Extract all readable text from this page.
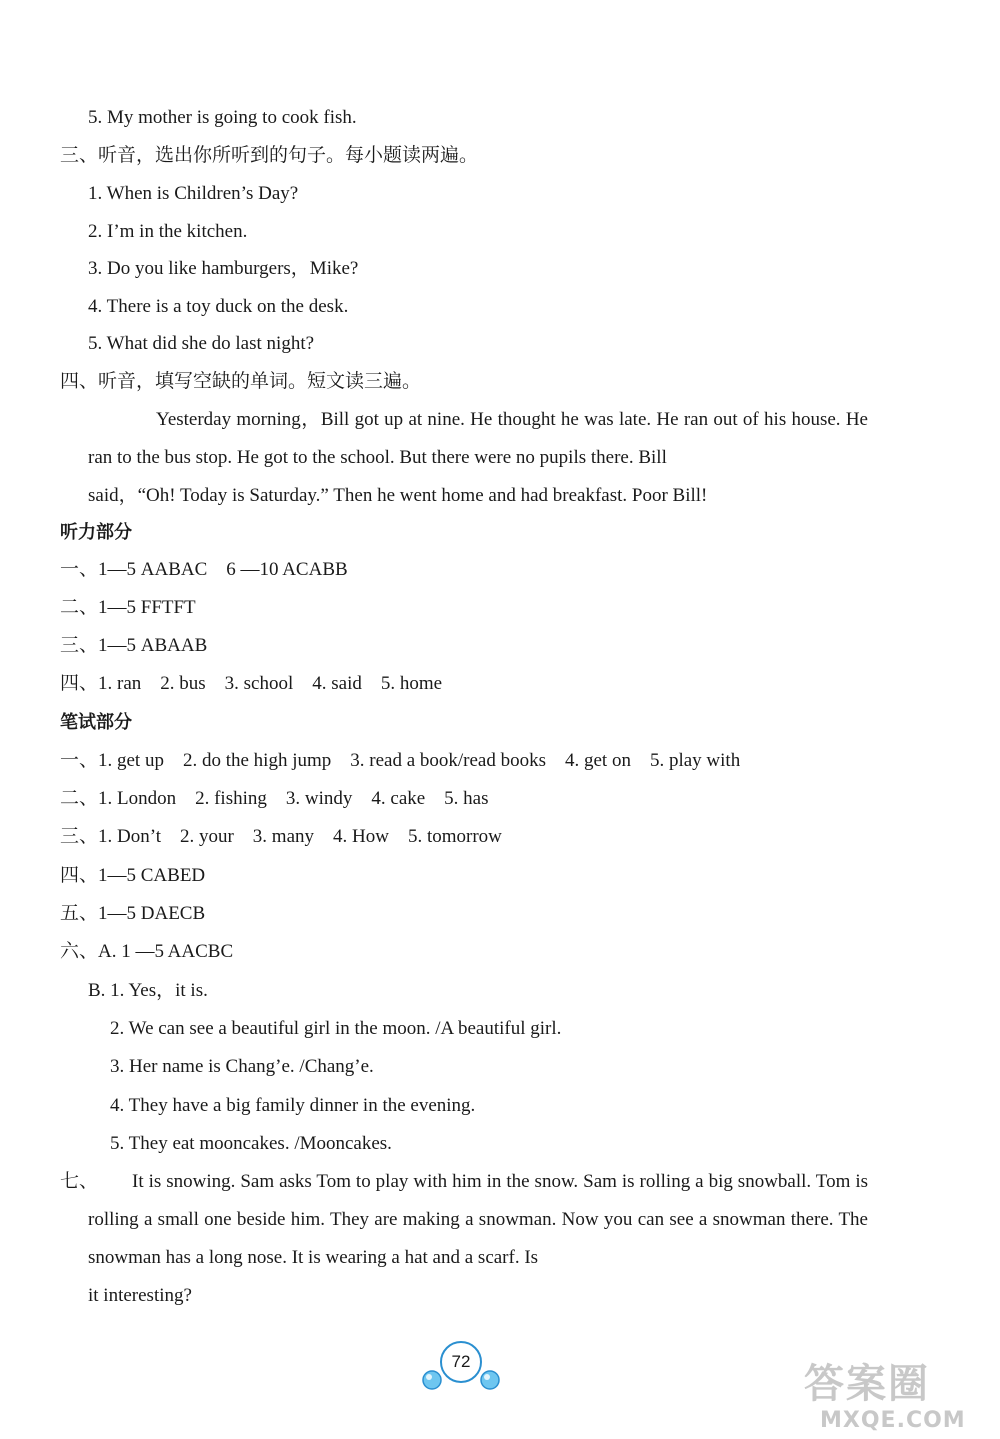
5. My mother is going to cook fish.
三、听音，选出你所听到的句子。每小题读两遍。
1. When is Children’s Day?
2. I’m in the kitchen.
3. Do you like hamburgers，Mike?
4. There is a toy duck on the desk.
5. What did she do last night?
四、听音，填写空缺的单词。短文读三遍。
Yesterday morning，Bill got up at nine. He thought he was late. He ran out of his house. He ran to the bus stop. He got to the school. But there were no pupils there. Bill
said，“Oh! Today is Saturday.” Then he went home and had breakfast. Poor Bill!
听力部分
一、1—5 AABAC　6 —10 ACABB
二、1—5 FFTFT
三、1—5 ABAAB
四、1. ran　2. bus　3. school　4. said　5. home
笔试部分
一、1. get up　2. do the high jump　3. read a book/read books　4. get on　5. play with
二、1. London　2. fishing　3. windy　4. cake　5. has
三、1. Don’t　2. your　3. many　4. How　5. tomorrow
四、1—5 CABED
五、1—5 DAECB
六、A. 1 —5 AACBC
B. 1. Yes，it is.
2. We can see a beautiful girl in the moon. /A beautiful girl.
3. Her name is Chang’e. /Chang’e.
4. They have a big family dinner in the evening.
5. They eat mooncakes. /Mooncakes.
七、	It is snowing. Sam asks Tom to play with him in the snow. Sam is rolling a big snowball. Tom is rolling a small one beside him. They are making a snowman. Now you can see a snowman there. The snowman has a long nose. It is wearing a hat and a scarf. Is
it interesting?
72	答案圈
MXQE.COM
